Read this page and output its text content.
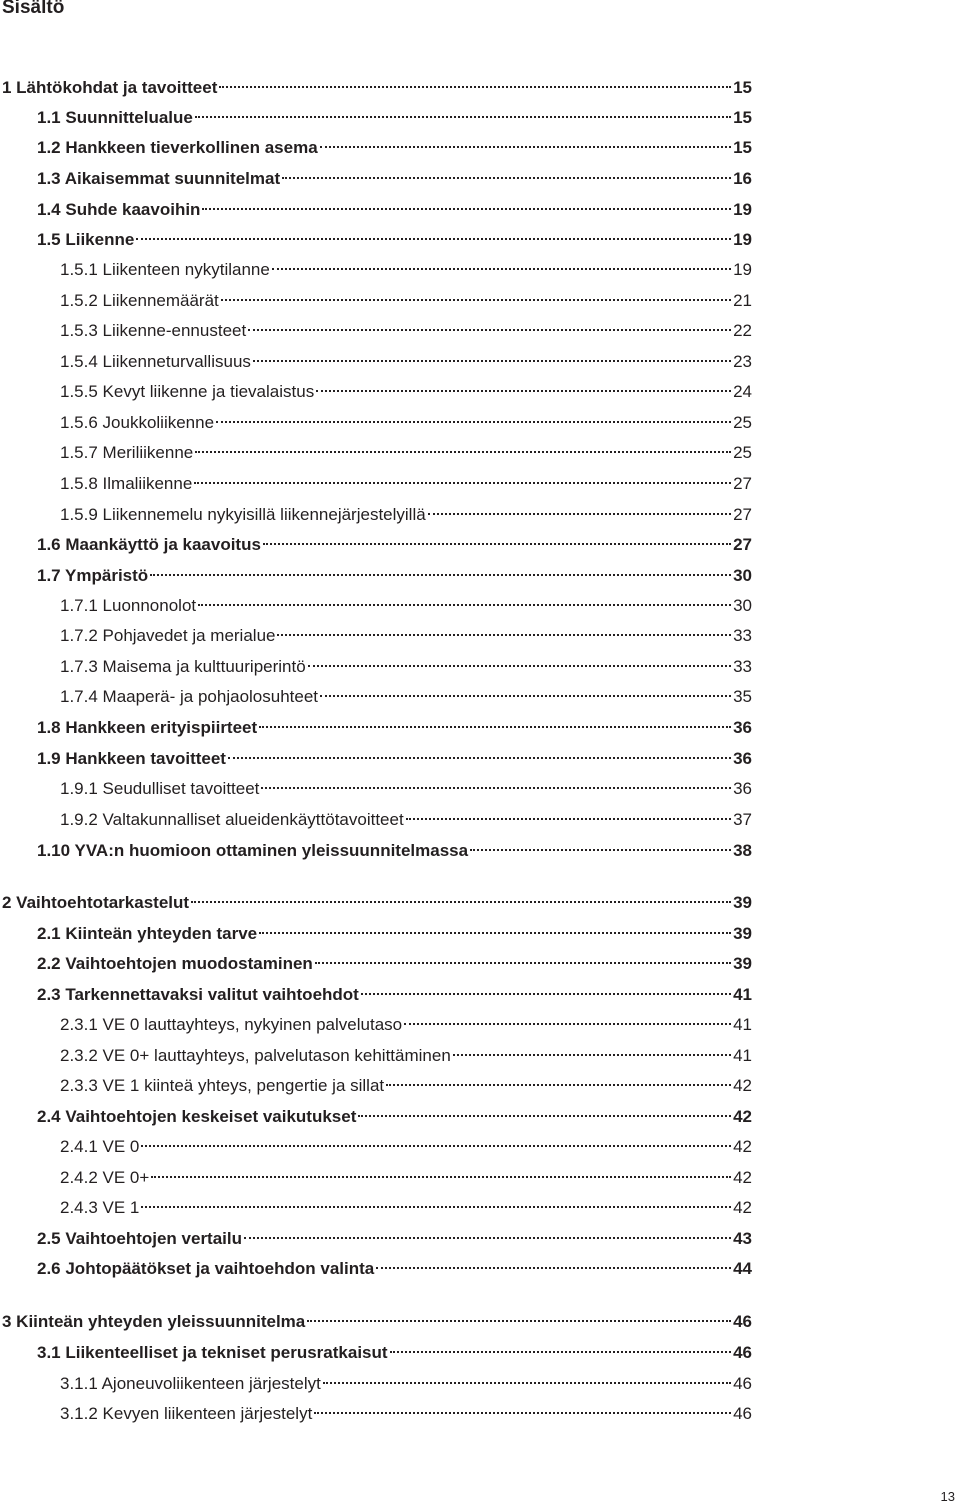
Sisältö
1 Lähtökohdat ja tavoitteet	15
1.1 Suunnittelualue	15
1.2 Hankkeen tieverkollinen asema	15
1.3 Aikaisemmat suunnitelmat	16
1.4 Suhde kaavoihin	19
1.5 Liikenne	19
1.5.1 Liikenteen nykytilanne	19
1.5.2 Liikennemäärät	21
1.5.3 Liikenne-ennusteet	22
1.5.4 Liikenneturvallisuus	23
1.5.5 Kevyt liikenne ja tievalaistus	24
1.5.6 Joukkoliikenne	25
1.5.7 Meriliikenne	25
1.5.8 Ilmaliikenne	27
1.5.9 Liikennemelu nykyisillä liikennejärjestelyillä	27
1.6 Maankäyttö ja kaavoitus	27
1.7 Ympäristö	30
1.7.1 Luonnonolot	30
1.7.2 Pohjavedet ja merialue	33
1.7.3 Maisema ja kulttuuriperintö	33
1.7.4 Maaperä- ja pohjaolosuhteet	35
1.8 Hankkeen erityispiirteet	36
1.9 Hankkeen tavoitteet	36
1.9.1 Seudulliset tavoitteet	36
1.9.2 Valtakunnalliset alueidenkäyttötavoitteet	37
1.10 YVA:n huomioon ottaminen yleissuunnitelmassa	38
2 Vaihtoehtotarkastelut	39
2.1 Kiinteän yhteyden tarve	39
2.2 Vaihtoehtojen muodostaminen	39
2.3 Tarkennettavaksi valitut vaihtoehdot	41
2.3.1 VE 0 lauttayhteys, nykyinen palvelutaso	41
2.3.2 VE 0+ lauttayhteys, palvelutason kehittäminen	41
2.3.3 VE 1 kiinteä yhteys, pengertie ja sillat	42
2.4 Vaihtoehtojen keskeiset vaikutukset	42
2.4.1 VE 0	42
2.4.2 VE 0+	42
2.4.3 VE 1	42
2.5 Vaihtoehtojen vertailu	43
2.6 Johtopäätökset ja vaihtoehdon valinta	44
3 Kiinteän yhteyden yleissuunnitelma	46
3.1 Liikenteelliset ja tekniset perusratkaisut	46
3.1.1 Ajoneuvoliikenteen järjestelyt	46
3.1.2 Kevyen liikenteen järjestelyt	46
13
